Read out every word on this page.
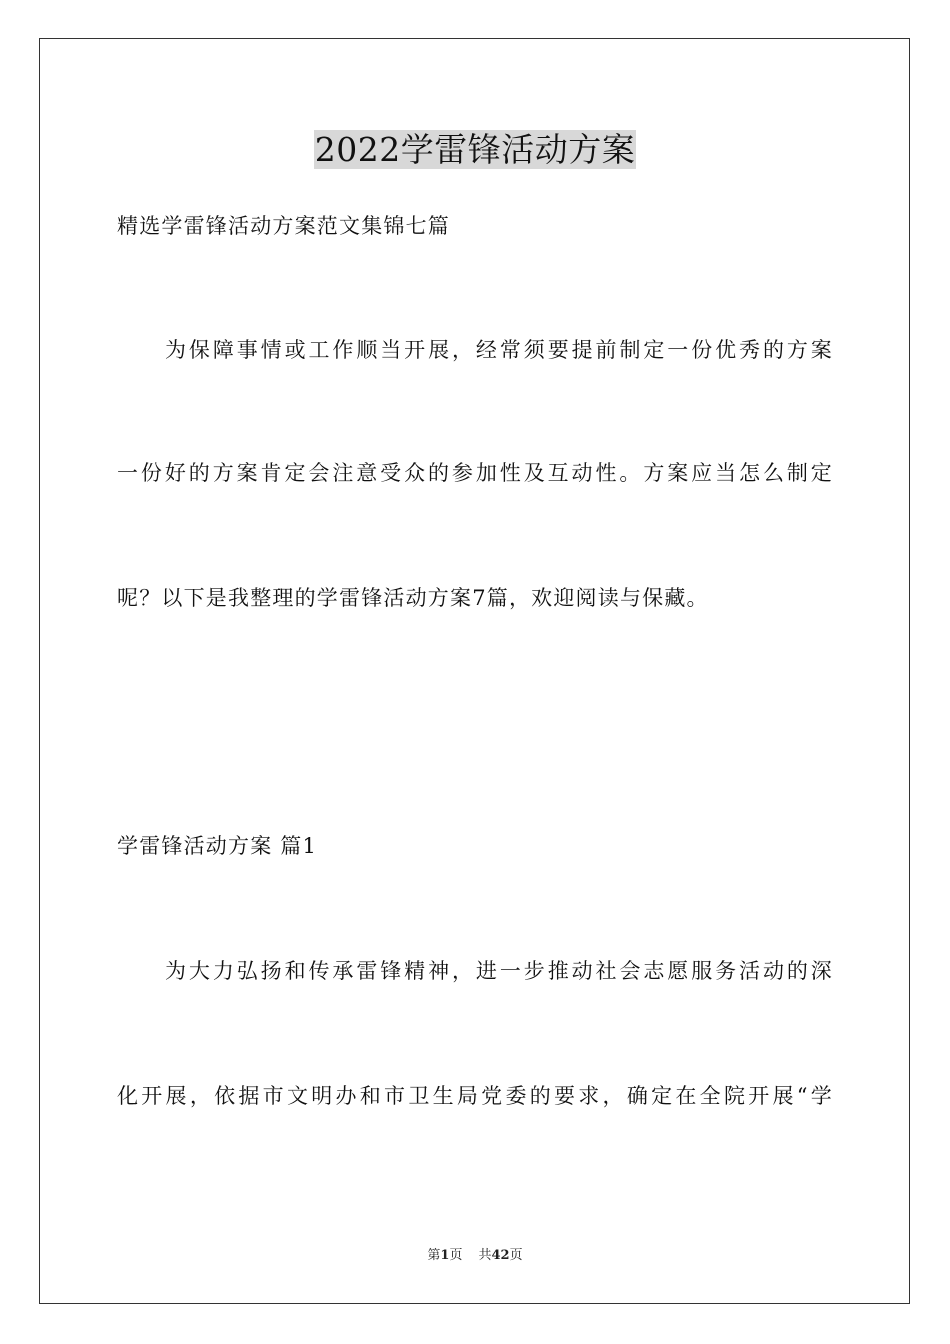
2022学雷锋活动方案
精选学雷锋活动方案范文集锦七篇
为保障事情或工作顺当开展，经常须要提前制定一份优秀的方案
一份好的方案肯定会注意受众的参加性及互动性。方案应当怎么制定
呢？以下是我整理的学雷锋活动方案7篇，欢迎阅读与保藏。
学雷锋活动方案 篇1
为大力弘扬和传承雷锋精神，进一步推动社会志愿服务活动的深
化开展，依据市文明办和市卫生局党委的要求，确定在全院开展“学
第1页 共42页
